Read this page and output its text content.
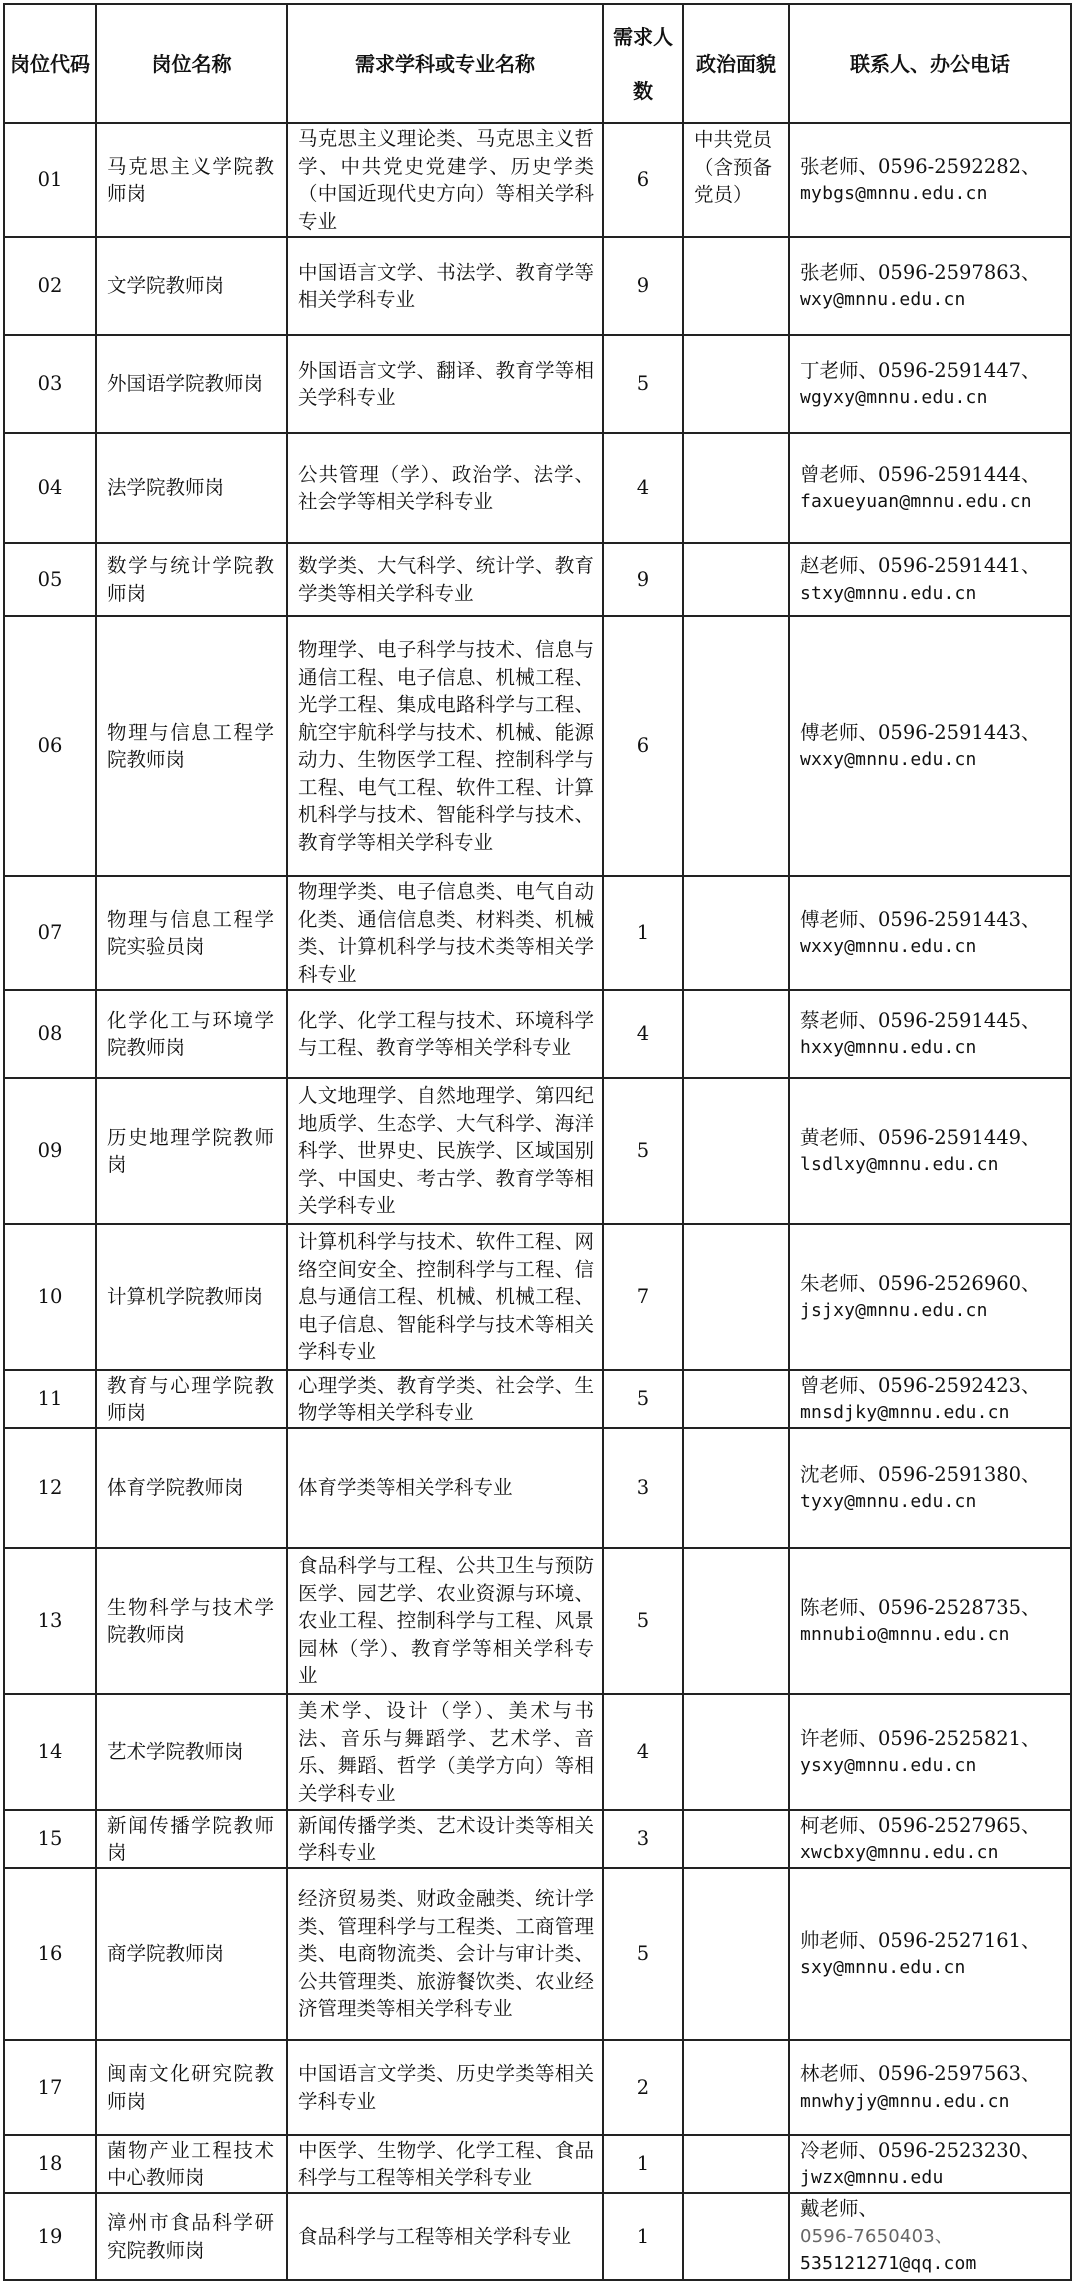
岗位代码	岗位名称	需求学科或专业名称	需求人数	政治面貌	联系人、办公电话
01	马克思主义学院教师岗	马克思主义理论类、马克思主义哲学、中共党史党建学、历史学类（中国近现代史方向）等相关学科专业	6	中共党员（含预备党员）	张老师、0596-2592282、
mybgs@mnnu.edu.cn

02	文学院教师岗	中国语言文学、书法学、教育学等相关学科专业	9		张老师、0596-2597863、
wxy@mnnu.edu.cn

03	外国语学院教师岗	外国语言文学、翻译、教育学等相关学科专业	5		丁老师、0596-2591447、
wgyxy@mnnu.edu.cn

04	法学院教师岗	公共管理（学）、政治学、法学、社会学等相关学科专业	4		曾老师、0596-2591444、
faxueyuan@mnnu.edu.cn

05	数学与统计学院教师岗	数学类、大气科学、统计学、教育学类等相关学科专业	9		赵老师、0596-2591441、
stxy@mnnu.edu.cn

06	物理与信息工程学院教师岗	物理学、电子科学与技术、信息与通信工程、电子信息、机械工程、光学工程、集成电路科学与工程、航空宇航科学与技术、机械、能源动力、生物医学工程、控制科学与工程、电气工程、软件工程、计算机科学与技术、智能科学与技术、教育学等相关学科专业	6		傅老师、0596-2591443、
wxxy@mnnu.edu.cn

07	物理与信息工程学院实验员岗	物理学类、电子信息类、电气自动化类、通信信息类、材料类、机械类、计算机科学与技术类等相关学科专业	1		傅老师、0596-2591443、
wxxy@mnnu.edu.cn

08	化学化工与环境学院教师岗	化学、化学工程与技术、环境科学与工程、教育学等相关学科专业	4		蔡老师、0596-2591445、
hxxy@mnnu.edu.cn

09	历史地理学院教师岗	人文地理学、自然地理学、第四纪地质学、生态学、大气科学、海洋科学、世界史、民族学、区域国别学、中国史、考古学、教育学等相关学科专业	5		黄老师、0596-2591449、
lsdlxy@mnnu.edu.cn

10	计算机学院教师岗	计算机科学与技术、软件工程、网络空间安全、控制科学与工程、信息与通信工程、机械、机械工程、电子信息、智能科学与技术等相关学科专业	7		朱老师、0596-2526960、
jsjxy@mnnu.edu.cn

11	教育与心理学院教师岗	心理学类、教育学类、社会学、生物学等相关学科专业	5		曾老师、0596-2592423、
mnsdjky@mnnu.edu.cn

12	体育学院教师岗	体育学类等相关学科专业	3		沈老师、0596-2591380、
tyxy@mnnu.edu.cn

13	生物科学与技术学院教师岗	食品科学与工程、公共卫生与预防医学、园艺学、农业资源与环境、农业工程、控制科学与工程、风景园林（学）、教育学等相关学科专业	5		陈老师、0596-2528735、
mnnubio@mnnu.edu.cn

14	艺术学院教师岗	美术学、设计（学）、美术与书法、音乐与舞蹈学、艺术学、音乐、舞蹈、哲学（美学方向）等相关学科专业	4		许老师、0596-2525821、
ysxy@mnnu.edu.cn

15	新闻传播学院教师岗	新闻传播学类、艺术设计类等相关学科专业	3		柯老师、0596-2527965、
xwcbxy@mnnu.edu.cn

16	商学院教师岗	经济贸易类、财政金融类、统计学类、管理科学与工程类、工商管理类、电商物流类、会计与审计类、公共管理类、旅游餐饮类、农业经济管理类等相关学科专业	5		帅老师、0596-2527161、
sxy@mnnu.edu.cn

17	闽南文化研究院教师岗	中国语言文学类、历史学类等相关学科专业	2		林老师、0596-2597563、
mnwhyjy@mnnu.edu.cn

18	菌物产业工程技术中心教师岗	中医学、生物学、化学工程、食品科学与工程等相关学科专业	1		冷老师、0596-2523230、
jwzx@mnnu.edu

19	漳州市食品科学研究院教师岗	食品科学与工程等相关学科专业	1		戴老师、
0596-7650403、
535121271@qq.com
